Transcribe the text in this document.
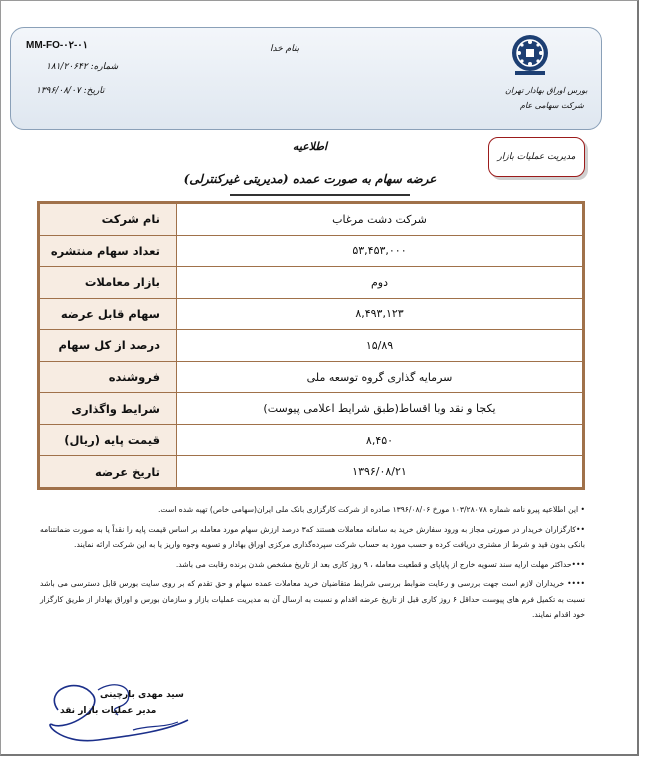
MM-FO-۰۲-۰۱
شماره: ۱۸۱/۲۰۶۴۲
تاریخ: ۱۳۹۶/۰۸/۰۷
بنام خدا
بورس اوراق بهادار تهران
شرکت سهامی عام
مدیریت عملیات بازار
اطلاعیه
عرضه سهام به صورت عمده (مدیریتی غیرکنترلی)
نام شرکت	شرکت دشت مرغاب
تعداد سهام منتشره	۵۳,۴۵۳,۰۰۰
بازار معاملات	دوم
سهام قابل عرضه	۸,۴۹۳,۱۲۳
درصد از کل سهام	۱۵/۸۹
فروشنده	سرمایه گذاری گروه توسعه ملی
شرایط واگذاری	یکجا و نقد وبا اقساط(طبق شرایط اعلامی پیوست)
قیمت پایه (ریال)	۸,۴۵۰
تاریخ عرضه	۱۳۹۶/۰۸/۲۱

• این اطلاعیه پیرو نامه شماره ۱۰۳/۲۸۰۷۸ مورخ ۱۳۹۶/۰۸/۰۶ صادره از شرکت کارگزاری بانک ملی ایران(سهامی خاص) تهیه شده است.

••کارگزاران خریدار در صورتی مجاز به ورود سفارش خرید به سامانه معاملات هستند که۳ درصد ارزش سهام مورد معامله بر اساس قیمت پایه را نقداً یا به صورت ضمانتنامه بانکی بدون قید و شرط از مشتری دریافت کرده و حسب مورد به حساب شرکت سپرده‌گذاری مرکزی اوراق بهادار و تسویه وجوه واریز یا به این شرکت ارائه نمایند.

•••حداکثر مهلت ارایه سند تسویه خارج از پایاپای و قطعیت معامله ، ۹ روز کاری بعد از تاریخ مشخص شدن برنده رقابت می باشد.

•••• خریداران لازم است جهت بررسی و رعایت ضوابط بررسی شرایط متقاضیان خرید معاملات عمده سهام و حق تقدم که بر روی سایت بورس قابل دسترسی می باشد نسبت به تکمیل فرم های پیوست حداقل ۶ روز کاری قبل از تاریخ عرضه اقدام و نسبت به ارسال آن به مدیریت عملیات بازار و سازمان بورس و اوراق بهادار از طریق کارگزار خود اقدام نمایند.

سید مهدی بارچینی
مدیر عملیات بازار نقد
